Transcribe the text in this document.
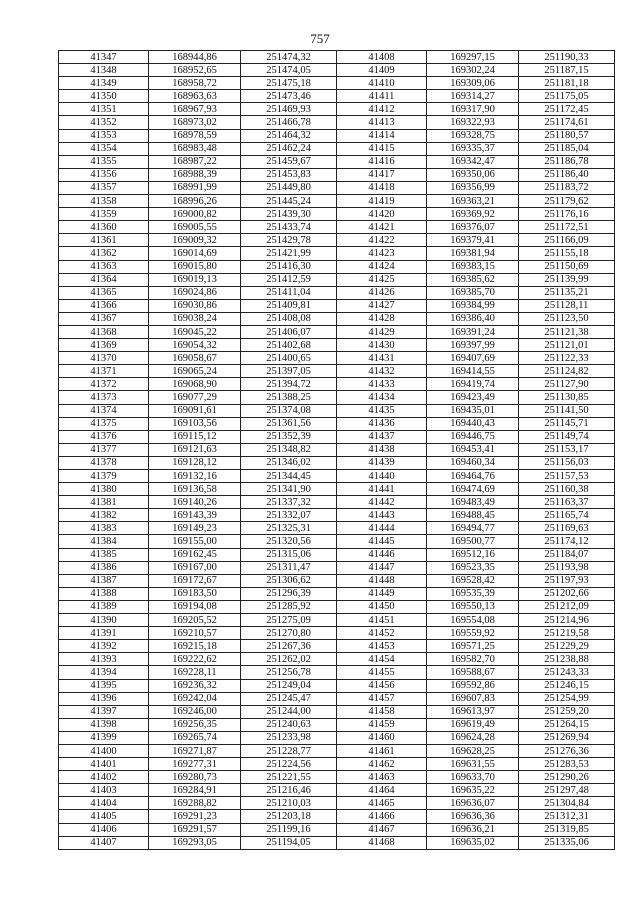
757
41347	168944,86	251474,32	41408	169297,15	251190,33
41348	168952,65	251474,05	41409	169302,24	251187,15
41349	168958,72	251475,18	41410	169309,06	251181,18
41350	168963,63	251473,46	41411	169314,27	251175,05
41351	168967,93	251469,93	41412	169317,90	251172,45
41352	168973,02	251466,78	41413	169322,93	251174,61
41353	168978,59	251464,32	41414	169328,75	251180,57
41354	168983,48	251462,24	41415	169335,37	251185,04
41355	168987,22	251459,67	41416	169342,47	251186,78
41356	168988,39	251453,83	41417	169350,06	251186,40
41357	168991,99	251449,80	41418	169356,99	251183,72
41358	168996,26	251445,24	41419	169363,21	251179,62
41359	169000,82	251439,30	41420	169369,92	251176,16
41360	169005,55	251433,74	41421	169376,07	251172,51
41361	169009,32	251429,78	41422	169379,41	251166,09
41362	169014,69	251421,99	41423	169381,94	251155,18
41363	169015,80	251416,30	41424	169383,15	251150,69
41364	169019,13	251412,59	41425	169385,62	251139,99
41365	169024,86	251411,04	41426	169385,70	251135,21
41366	169030,86	251409,81	41427	169384,99	251128,11
41367	169038,24	251408,08	41428	169386,40	251123,50
41368	169045,22	251406,07	41429	169391,24	251121,38
41369	169054,32	251402,68	41430	169397,99	251121,01
41370	169058,67	251400,65	41431	169407,69	251122,33
41371	169065,24	251397,05	41432	169414,55	251124,82
41372	169068,90	251394,72	41433	169419,74	251127,90
41373	169077,29	251388,25	41434	169423,49	251130,85
41374	169091,61	251374,08	41435	169435,01	251141,50
41375	169103,56	251361,56	41436	169440,43	251145,71
41376	169115,12	251352,39	41437	169446,75	251149,74
41377	169121,63	251348,82	41438	169453,41	251153,17
41378	169128,12	251346,02	41439	169460,34	251156,03
41379	169132,16	251344,45	41440	169464,76	251157,53
41380	169136,58	251341,90	41441	169474,69	251160,38
41381	169140,26	251337,32	41442	169483,49	251163,37
41382	169143,39	251332,07	41443	169488,45	251165,74
41383	169149,23	251325,31	41444	169494,77	251169,63
41384	169155,00	251320,56	41445	169500,77	251174,12
41385	169162,45	251315,06	41446	169512,16	251184,07
41386	169167,00	251311,47	41447	169523,35	251193,98
41387	169172,67	251306,62	41448	169528,42	251197,93
41388	169183,50	251296,39	41449	169535,39	251202,66
41389	169194,08	251285,92	41450	169550,13	251212,09
41390	169205,52	251275,09	41451	169554,08	251214,96
41391	169210,57	251270,80	41452	169559,92	251219,58
41392	169215,18	251267,36	41453	169571,25	251229,29
41393	169222,62	251262,02	41454	169582,70	251238,88
41394	169228,11	251256,78	41455	169588,67	251243,33
41395	169236,32	251249,04	41456	169592,86	251246,15
41396	169242,04	251245,47	41457	169607,83	251254,99
41397	169246,00	251244,00	41458	169613,97	251259,20
41398	169256,35	251240,63	41459	169619,49	251264,15
41399	169265,74	251233,98	41460	169624,28	251269,94
41400	169271,87	251228,77	41461	169628,25	251276,36
41401	169277,31	251224,56	41462	169631,55	251283,53
41402	169280,73	251221,55	41463	169633,70	251290,26
41403	169284,91	251216,46	41464	169635,22	251297,48
41404	169288,82	251210,03	41465	169636,07	251304,84
41405	169291,23	251203,18	41466	169636,36	251312,31
41406	169291,57	251199,16	41467	169636,21	251319,85
41407	169293,05	251194,05	41468	169635,02	251335,06
